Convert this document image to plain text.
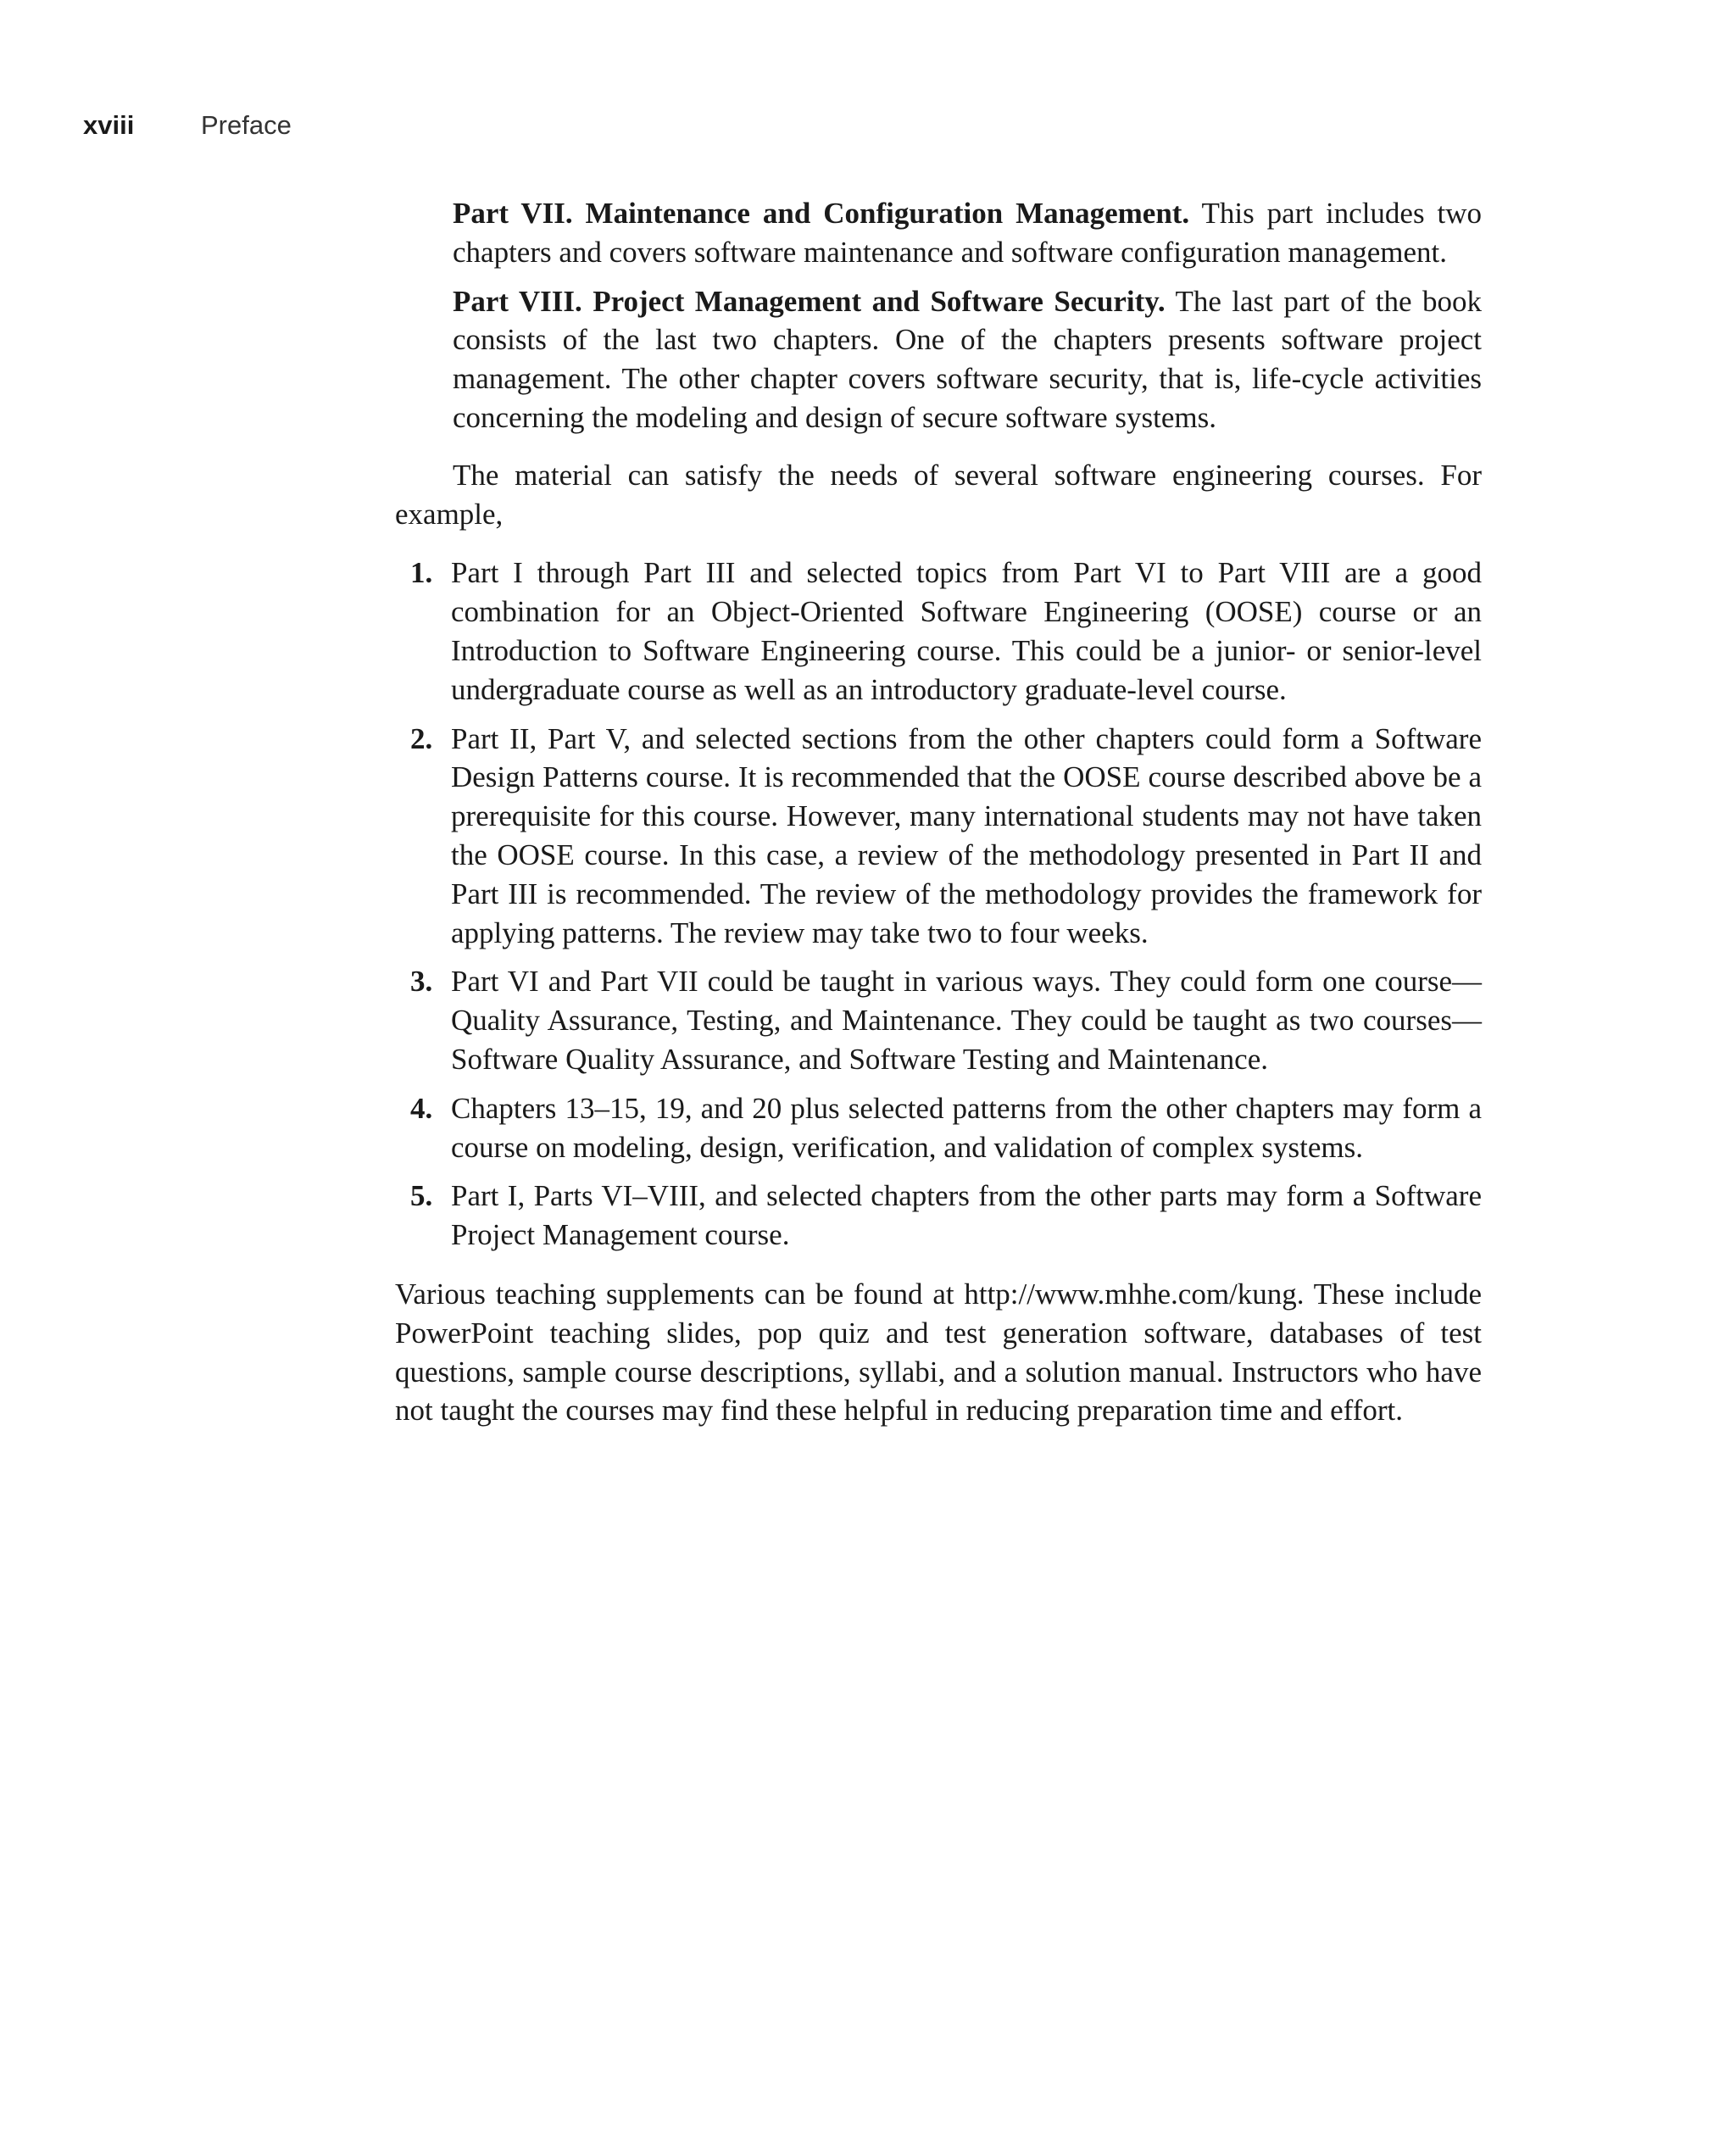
xviii	Preface

Part VII. Maintenance and Configuration Management. This part includes two chapters and covers software maintenance and software configuration management.

Part VIII. Project Management and Software Security. The last part of the book consists of the last two chapters. One of the chapters presents software project management. The other chapter covers software security, that is, life-cycle activities concerning the modeling and design of secure software systems.

The material can satisfy the needs of several software engineering courses. For example,

1. Part I through Part III and selected topics from Part VI to Part VIII are a good combination for an Object-Oriented Software Engineering (OOSE) course or an Introduction to Software Engineering course. This could be a junior- or senior-level undergraduate course as well as an introductory graduate-level course.
2. Part II, Part V, and selected sections from the other chapters could form a Software Design Patterns course. It is recommended that the OOSE course described above be a prerequisite for this course. However, many international students may not have taken the OOSE course. In this case, a review of the methodology presented in Part II and Part III is recommended. The review of the methodology provides the framework for applying patterns. The review may take two to four weeks.
3. Part VI and Part VII could be taught in various ways. They could form one course—Quality Assurance, Testing, and Maintenance. They could be taught as two courses—Software Quality Assurance, and Software Testing and Maintenance.
4. Chapters 13–15, 19, and 20 plus selected patterns from the other chapters may form a course on modeling, design, verification, and validation of complex systems.
5. Part I, Parts VI–VIII, and selected chapters from the other parts may form a Software Project Management course.

Various teaching supplements can be found at http://www.mhhe.com/kung. These include PowerPoint teaching slides, pop quiz and test generation software, databases of test questions, sample course descriptions, syllabi, and a solution manual. Instructors who have not taught the courses may find these helpful in reducing preparation time and effort.
